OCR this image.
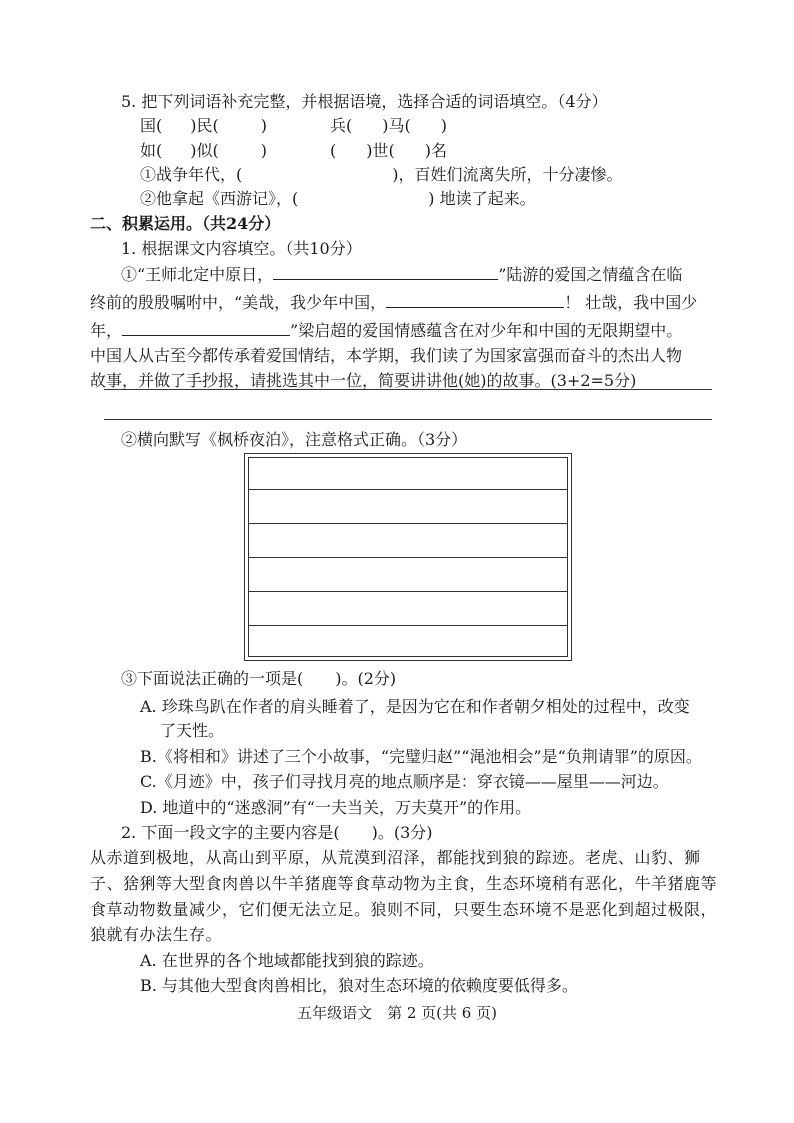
5. 把下列词语补充完整，并根据语境，选择合适的词语填空。（4分）
国( )民(	)	兵( )马( )
如( )似(	)	( )世( )名
①战争年代，(	)，百姓们流离失所，十分凄惨。
②他拿起《西游记》，(	) 地读了起来。
二、积累运用。（共24分）
1. 根据课文内容填空。（共10分）
①“王师北定中原日，	”陆游的爱国之情蕴含在临
终前的殷殷嘱咐中，“美哉，我少年中国，	！ 壮哉，我中国少
年，	”梁启超的爱国情感蕴含在对少年和中国的无限期望中。
中国人从古至今都传承着爱国情结，本学期，我们读了为国家富强而奋斗的杰出人物
故事，并做了手抄报，请挑选其中一位，简要讲讲他(她)的故事。(3+2=5分)
②横向默写《枫桥夜泊》，注意格式正确。（3分）
③下面说法正确的一项是(　　)。(2分)
A. 珍珠鸟趴在作者的肩头睡着了，是因为它在和作者朝夕相处的过程中，改变
了天性。
B.《将相和》讲述了三个小故事，“完璧归赵”“渑池相会”是“负荆请罪”的原因。
C.《月迹》中，孩子们寻找月亮的地点顺序是：穿衣镜——屋里——河边。
D. 地道中的“迷惑洞”有“一夫当关，万夫莫开”的作用。
2. 下面一段文字的主要内容是(　　)。(3分)
从赤道到极地，从高山到平原，从荒漠到沼泽，都能找到狼的踪迹。老虎、山豹、狮
子、猞猁等大型食肉兽以牛羊猪鹿等食草动物为主食，生态环境稍有恶化，牛羊猪鹿等
食草动物数量减少，它们便无法立足。狼则不同，只要生态环境不是恶化到超过极限，
狼就有办法生存。
A. 在世界的各个地域都能找到狼的踪迹。
B. 与其他大型食肉兽相比，狼对生态环境的依赖度要低得多。
五年级语文　第 2 页(共 6 页)
